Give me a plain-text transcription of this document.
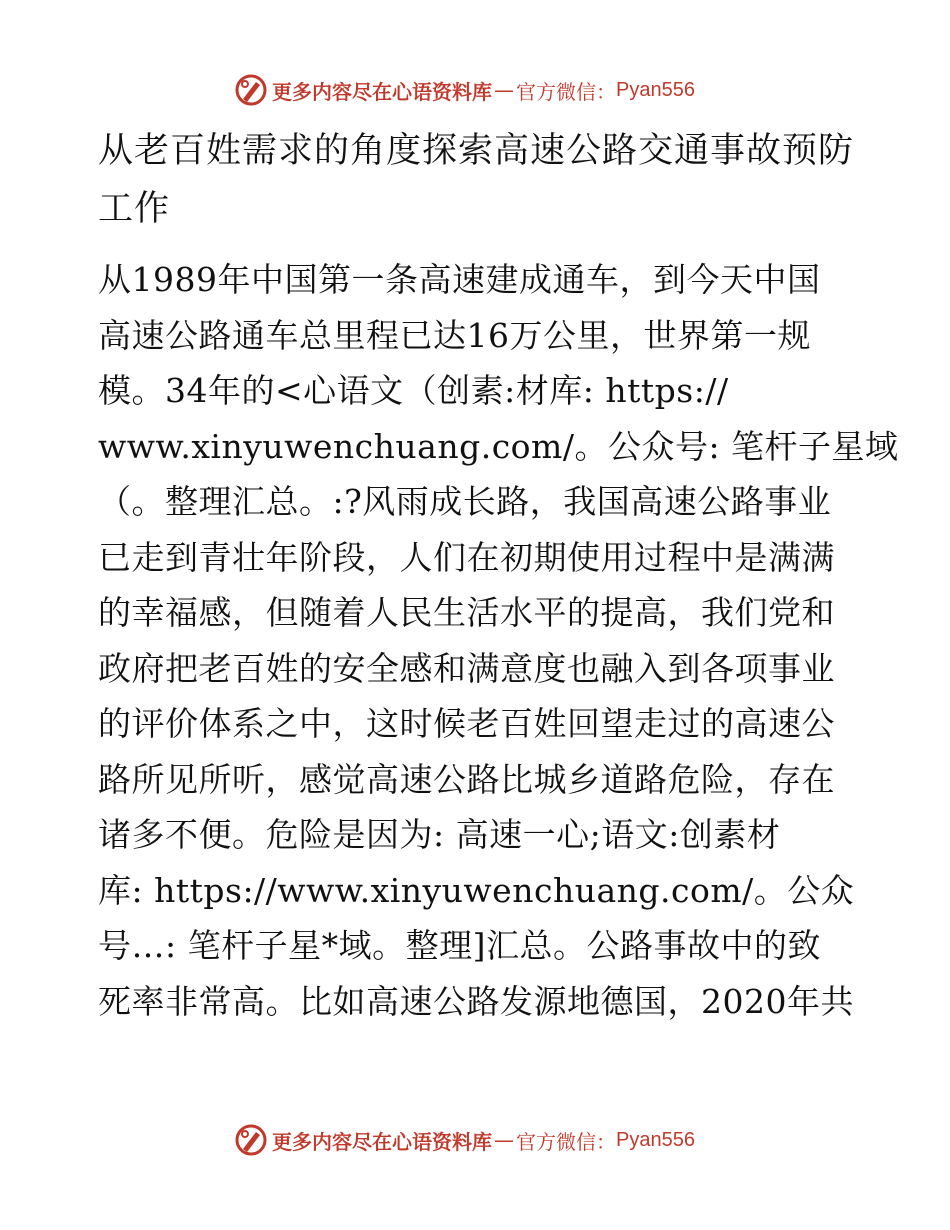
更多内容尽在心语资料库 — 官方微信： Pyan556
从老百姓需求的角度探索高速公路交通事故预防工作
从1989年中国第一条高速建成通车，到今天中国
高速公路通车总里程已达16万公里，世界第一规
模。34年的<心语文（创素:材库: https://
www.xinyuwenchuang.com/。公众号: 笔杆子星域
（。整理汇总。:?风雨成长路，我国高速公路事业
已走到青壮年阶段，人们在初期使用过程中是满满
的幸福感，但随着人民生活水平的提高，我们党和
政府把老百姓的安全感和满意度也融入到各项事业
的评价体系之中，这时候老百姓回望走过的高速公
路所见所听，感觉高速公路比城乡道路危险，存在
诸多不便。危险是因为: 高速一心;语文:创素材
库: https://www.xinyuwenchuang.com/。公众
号…: 笔杆子星*域。整理]汇总。公路事故中的致
死率非常高。比如高速公路发源地德国，2020年共
更多内容尽在心语资料库 — 官方微信： Pyan556
